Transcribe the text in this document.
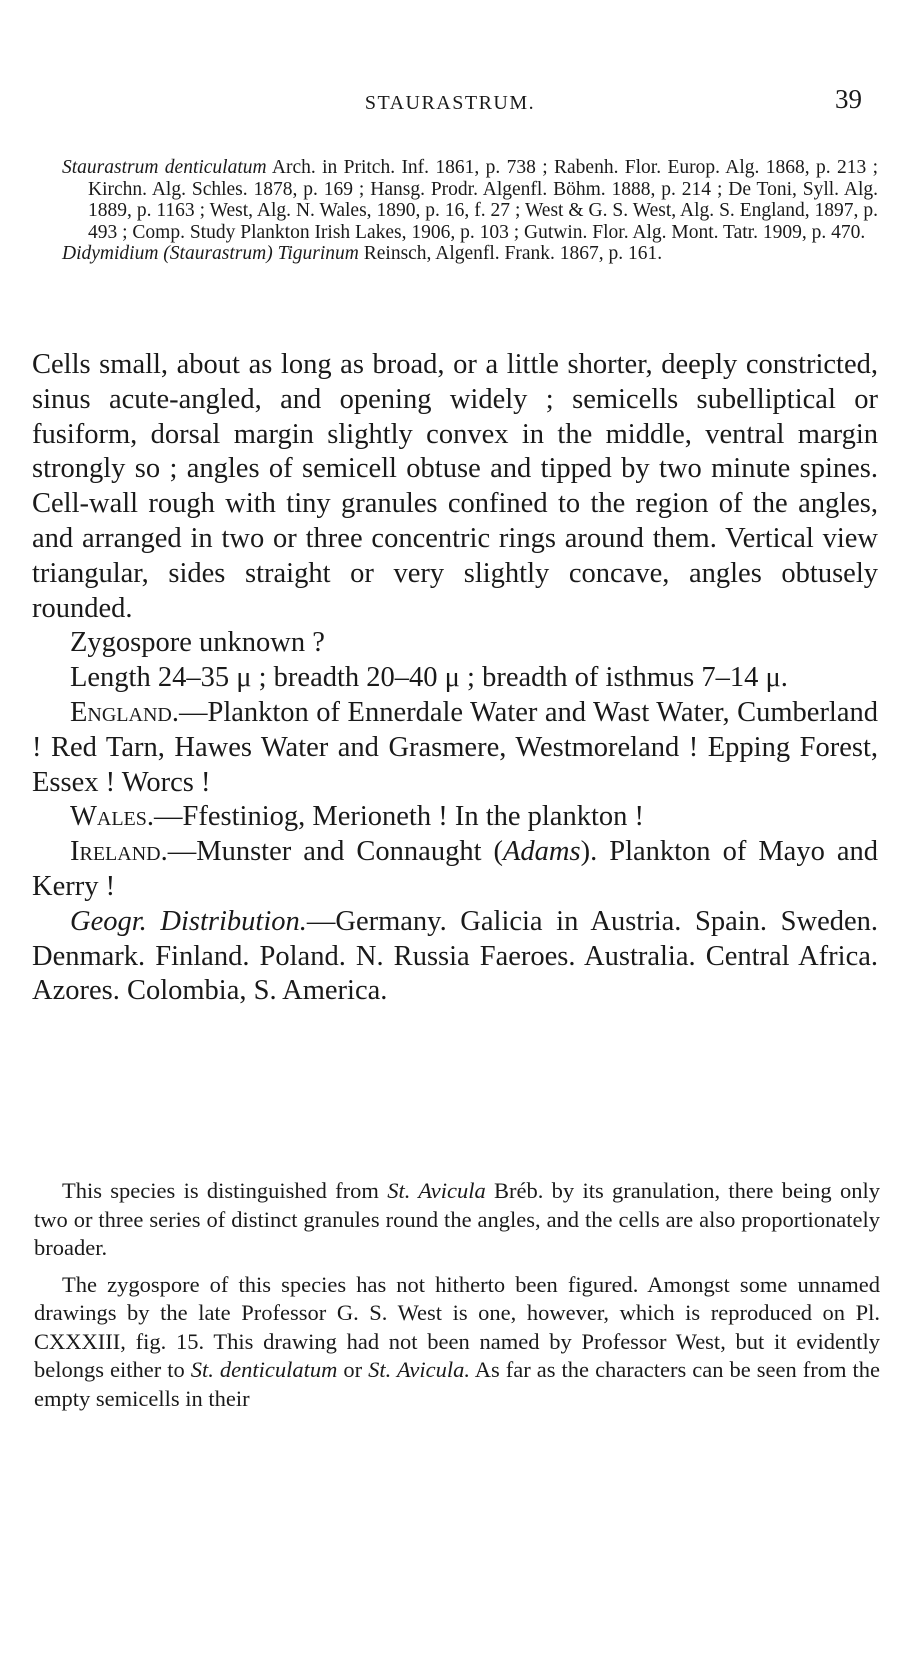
STAURASTRUM.	39
Staurastrum denticulatum Arch. in Pritch. Inf. 1861, p. 738 ; Rabenh. Flor. Europ. Alg. 1868, p. 213 ; Kirchn. Alg. Schles. 1878, p. 169 ; Hansg. Prodr. Algenfl. Böhm. 1888, p. 214 ; De Toni, Syll. Alg. 1889, p. 1163 ; West, Alg. N. Wales, 1890, p. 16, f. 27 ; West & G. S. West, Alg. S. England, 1897, p. 493 ; Comp. Study Plankton Irish Lakes, 1906, p. 103 ; Gutwin. Flor. Alg. Mont. Tatr. 1909, p. 470.
Didymidium (Staurastrum) Tigurinum Reinsch, Algenfl. Frank. 1867, p. 161.

Cells small, about as long as broad, or a little shorter, deeply constricted, sinus acute-angled, and opening widely ; semicells subelliptical or fusiform, dorsal margin slightly convex in the middle, ventral margin strongly so ; angles of semicell obtuse and tipped by two minute spines. Cell-wall rough with tiny granules confined to the region of the angles, and arranged in two or three concentric rings around them. Vertical view triangular, sides straight or very slightly concave, angles obtusely rounded.

Zygospore unknown ?

Length 24–35 μ ; breadth 20–40 μ ; breadth of isthmus 7–14 μ.

England.—Plankton of Ennerdale Water and Wast Water, Cumberland ! Red Tarn, Hawes Water and Grasmere, Westmoreland ! Epping Forest, Essex ! Worcs !

Wales.—Ffestiniog, Merioneth ! In the plankton !

Ireland.—Munster and Connaught (Adams). Plankton of Mayo and Kerry !

Geogr. Distribution.—Germany. Galicia in Austria. Spain. Sweden. Denmark. Finland. Poland. N. Russia Faeroes. Australia. Central Africa. Azores. Colombia, S. America.

This species is distinguished from St. Avicula Bréb. by its granulation, there being only two or three series of distinct granules round the angles, and the cells are also proportionately broader.

The zygospore of this species has not hitherto been figured. Amongst some unnamed drawings by the late Professor G. S. West is one, however, which is reproduced on Pl. CXXXIII, fig. 15. This drawing had not been named by Professor West, but it evidently belongs either to St. denticulatum or St. Avicula. As far as the characters can be seen from the empty semicells in their
